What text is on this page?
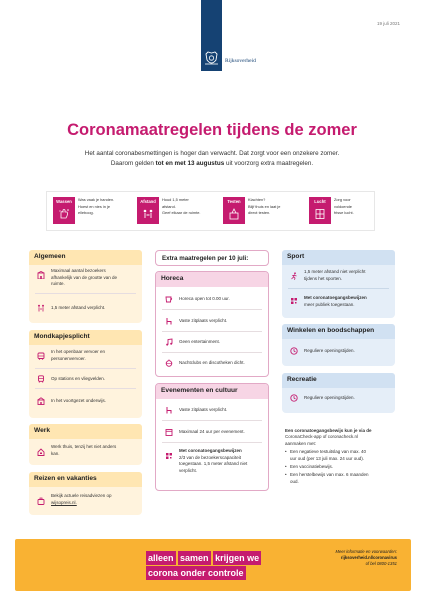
19 juli 2021
Rijksoverheid
Coronamaatregelen tijdens de zomer
Het aantal coronabesmettingen is hoger dan verwacht. Dat zorgt voor een onzekere zomer.
Daarom gelden tot en met 13 augustus uit voorzorg extra maatregelen.
Wassen	Was vaak je handen.
Hoest en nies in je
elleboog.
Afstand	Houd 1,5 meter
afstand.
Geef elkaar de ruimte.
Testen	Klachten?
Blijf thuis en laat je
direct testen.
Lucht	Zorg voor
voldoende
frisse lucht.
Algemeen
Maximaal aantal bezoekers
afhankelijk van de grootte van de
ruimte.
1,5 meter afstand verplicht.
Mondkapjesplicht
In het openbaar vervoer en
personenvervoer.
Op stations en vliegvelden.
In het voortgezet onderwijs.
Werk
Werk thuis, tenzij het niet anders
kan.
Reizen en vakanties
Bekijk actuele reisadviezen op
wijsopreis.nl.
Extra maatregelen per 10 juli:
Horeca
Horeca open tot 0.00 uur.
Vaste zitplaats verplicht.
Geen entertainment.
Nachtclubs en discotheken dicht.
Evenementen en cultuur
Vaste zitplaats verplicht.
Maximaal 24 uur per evenement.
Met coronatoegangsbewijzen
2/3 van de bezoekerscapaciteit
toegestaan. 1,5 meter afstand niet
verplicht.
Sport
1,5 meter afstand niet verplicht
tijdens het sporten.
Met coronatoegangsbewijzen
meer publiek toegestaan.
Winkelen en boodschappen
Reguliere openingstijden.
Recreatie
Reguliere openingstijden.
Een coronatoegangsbewijs kun je via de
CoronaCheck-app of coronacheck.nl
aanmaken met:
• Een negatieve testuitslag van max. 40
uur oud (per 13 juli max. 24 uur oud).
• Een vaccinatiebewijs.
• Een herstelbewijs van max. 6 maanden
oud.
alleen samen krijgen we
corona onder controle
Meer informatie en voorwaarden:
rijksoverheid.nl/coronavirus
of bel 0800-1351
